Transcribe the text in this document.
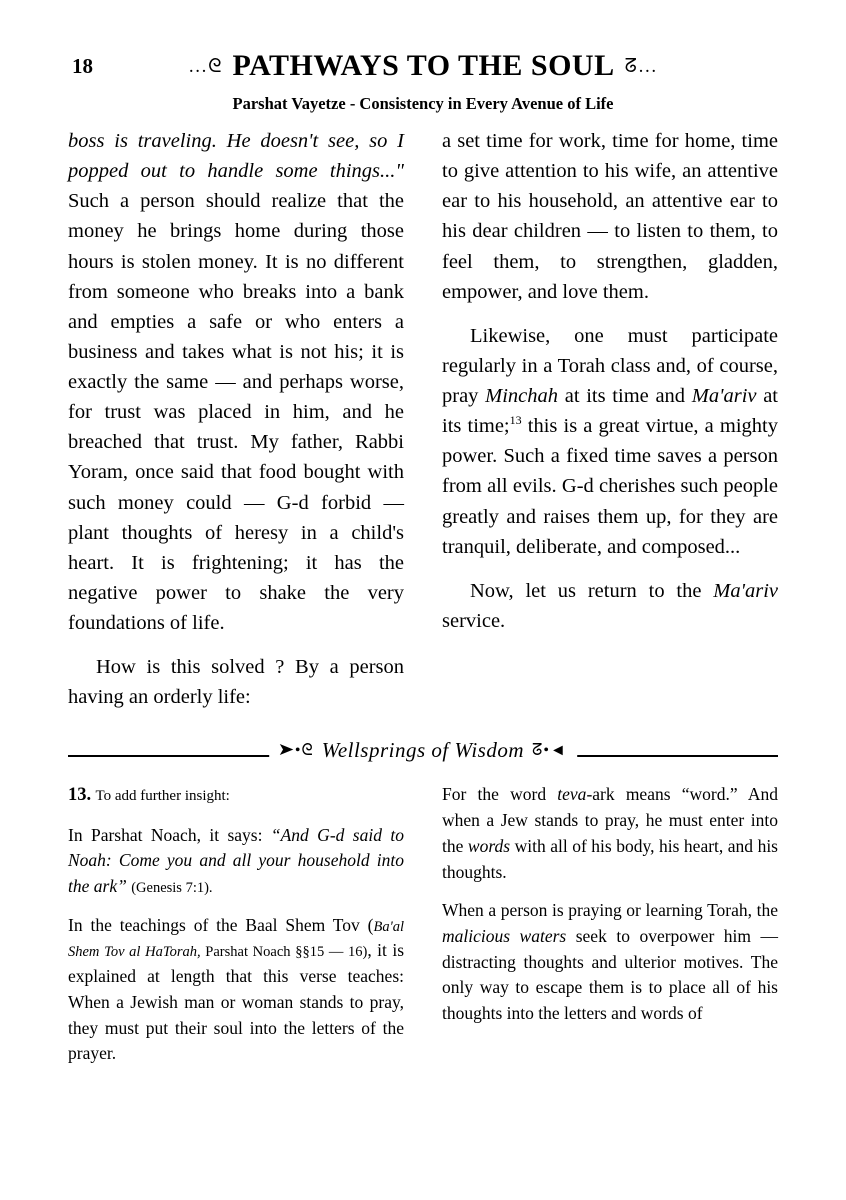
18	…ᘓ PATHWAYS TO THE SOUL ᘔ…
Parshat Vayetze - Consistency in Every Avenue of Life

boss is traveling. He doesn't see, so I popped out to handle some things..." Such a person should realize that the money he brings home during those hours is stolen money. It is no different from someone who breaks into a bank and empties a safe or who enters a business and takes what is not his; it is exactly the same — and perhaps worse, for trust was placed in him, and he breached that trust. My father, Rabbi Yoram, once said that food bought with such money could — G-d forbid — plant thoughts of heresy in a child's heart. It is frightening; it has the negative power to shake the very foundations of life.

How is this solved ? By a person having an orderly life:

a set time for work, time for home, time to give attention to his wife, an attentive ear to his household, an attentive ear to his dear children — to listen to them, to feel them, to strengthen, gladden, empower, and love them.

Likewise, one must participate regularly in a Torah class and, of course, pray Minchah at its time and Ma'ariv at its time;$^{13}$ this is a great virtue, a mighty power. Such a fixed time saves a person from all evils. G-d cherishes such people greatly and raises them up, for they are tranquil, deliberate, and composed...

Now, let us return to the Ma'ariv service.

➤•ᘓ Wellsprings of Wisdom ᘔ•◄

13. To add further insight:

In Parshat Noach, it says: “And G-d said to Noah: Come you and all your household into the ark” (Genesis 7:1).

In the teachings of the Baal Shem Tov (Ba'al Shem Tov al HaTorah, Parshat Noach §§15 — 16), it is explained at length that this verse teaches: When a Jewish man or woman stands to pray, they must put their soul into the letters of the prayer.

For the word teva-ark means “word.” And when a Jew stands to pray, he must enter into the words with all of his body, his heart, and his thoughts.

When a person is praying or learning Torah, the malicious waters seek to overpower him — distracting thoughts and ulterior motives. The only way to escape them is to place all of his thoughts into the letters and words of
